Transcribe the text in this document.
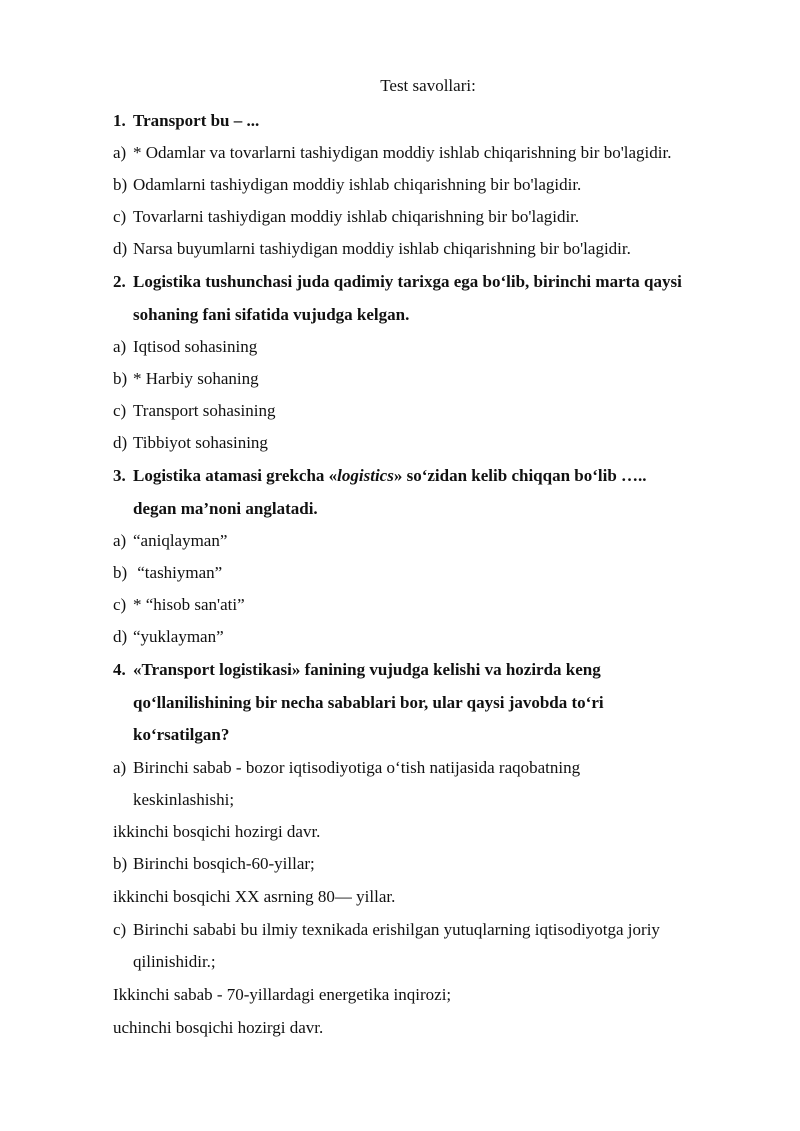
Test savollari:
1. Transport bu – ...
a) * Odamlar va tovarlarni tashiydigan moddiy ishlab chiqarishning bir bo'lagidir.
b) Odamlarni tashiydigan moddiy ishlab chiqarishning bir bo'lagidir.
c) Tovarlarni tashiydigan moddiy ishlab chiqarishning bir bo'lagidir.
d) Narsa buyumlarni tashiydigan moddiy ishlab chiqarishning bir bo'lagidir.
2. Logistika tushunchasi juda qadimiy tarixga ega bo‘lib, birinchi marta qaysi
sohaning fani sifatida vujudga kelgan.
a) Iqtisod sohasining
b) * Harbiy sohaning
c) Transport sohasining
d) Tibbiyot sohasining
3. Logistika atamasi grekcha «logistics» so‘zidan kelib chiqqan bo‘lib …..
degan ma’noni anglatadi.
a) “aniqlayman”
b) “tashiyman”
c) * “hisob san'ati”
d) “yuklayman”
4. «Transport logistikasi» fanining vujudga kelishi va hozirda keng
qo‘llanilishining bir necha sabablari bor, ular qaysi javobda to‘ri
ko‘rsatilgan?
a) Birinchi sabab - bozor iqtisodiyotiga o‘tish natijasida raqobatning
keskinlashishi;
ikkinchi bosqichi hozirgi davr.
b) Birinchi bosqich-60-yillar;
ikkinchi bosqichi XX asrning 80— yillar.
c) Birinchi sababi bu ilmiy texnikada erishilgan yutuqlarning iqtisodiyotga joriy
qilinishidir.;
Ikkinchi sabab - 70-yillardagi energetika inqirozi;
uchinchi bosqichi hozirgi davr.
